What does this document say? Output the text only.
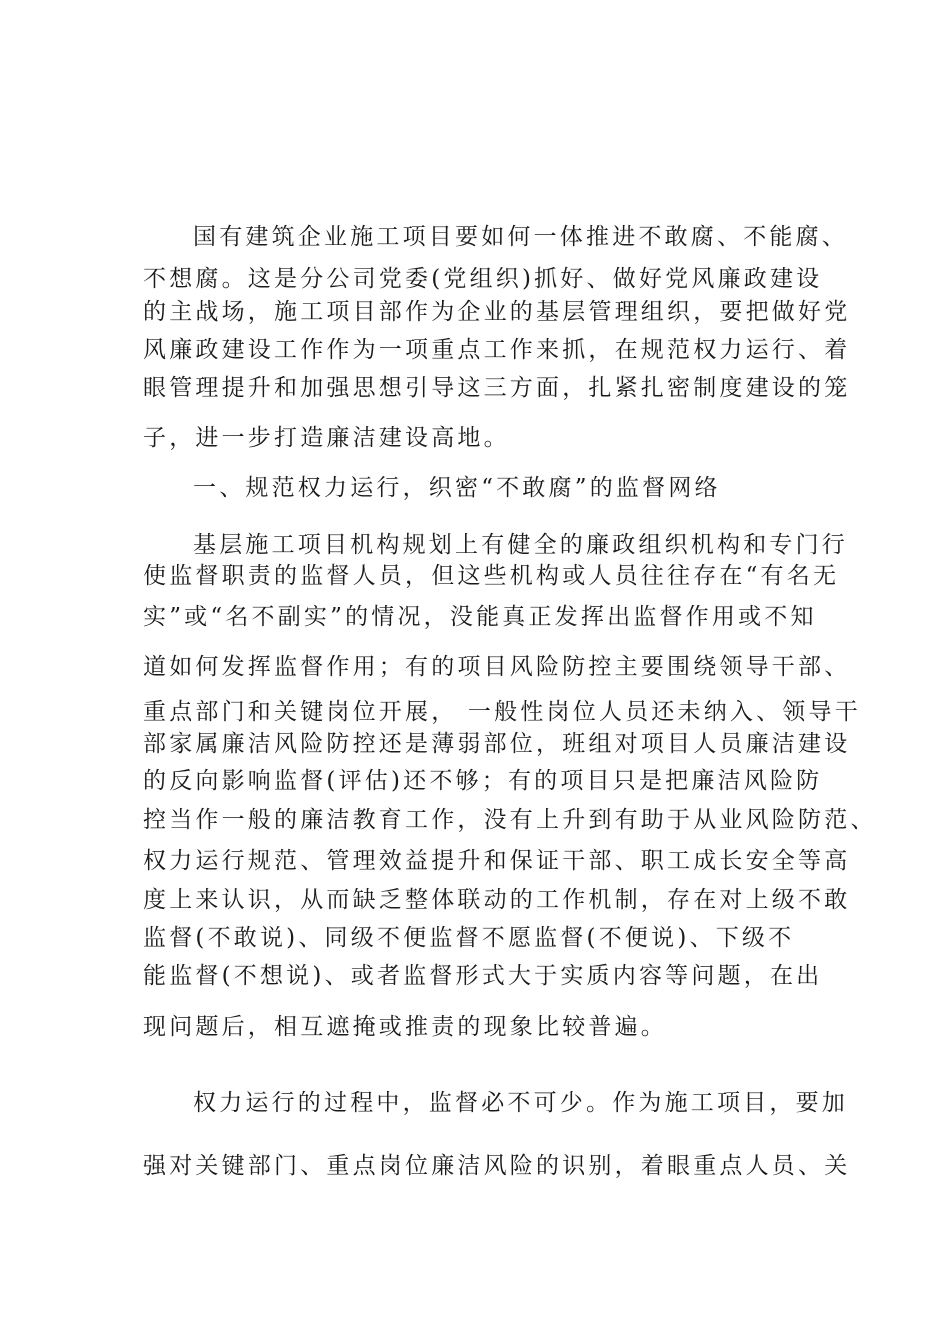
国有建筑企业施工项目要如何一体推进不敢腐、不能腐、
不想腐。这是分公司党委(党组织)抓好、做好党风廉政建设
的主战场，施工项目部作为企业的基层管理组织，要把做好党
风廉政建设工作作为一项重点工作来抓，在规范权力运行、着
眼管理提升和加强思想引导这三方面，扎紧扎密制度建设的笼
子，进一步打造廉洁建设高地。
一、规范权力运行，织密“不敢腐”的监督网络
基层施工项目机构规划上有健全的廉政组织机构和专门行
使监督职责的监督人员，但这些机构或人员往往存在“有名无
实”或“名不副实”的情况，没能真正发挥出监督作用或不知
道如何发挥监督作用；有的项目风险防控主要围绕领导干部、
重点部门和关键岗位开展， 一般性岗位人员还未纳入、领导干
部家属廉洁风险防控还是薄弱部位，班组对项目人员廉洁建设
的反向影响监督(评估)还不够；有的项目只是把廉洁风险防
控当作一般的廉洁教育工作，没有上升到有助于从业风险防范、
权力运行规范、管理效益提升和保证干部、职工成长安全等高
度上来认识，从而缺乏整体联动的工作机制，存在对上级不敢
监督(不敢说)、同级不便监督不愿监督(不便说)、下级不
能监督(不想说)、或者监督形式大于实质内容等问题，在出
现问题后，相互遮掩或推责的现象比较普遍。
权力运行的过程中，监督必不可少。作为施工项目，要加
强对关键部门、重点岗位廉洁风险的识别，着眼重点人员、关
